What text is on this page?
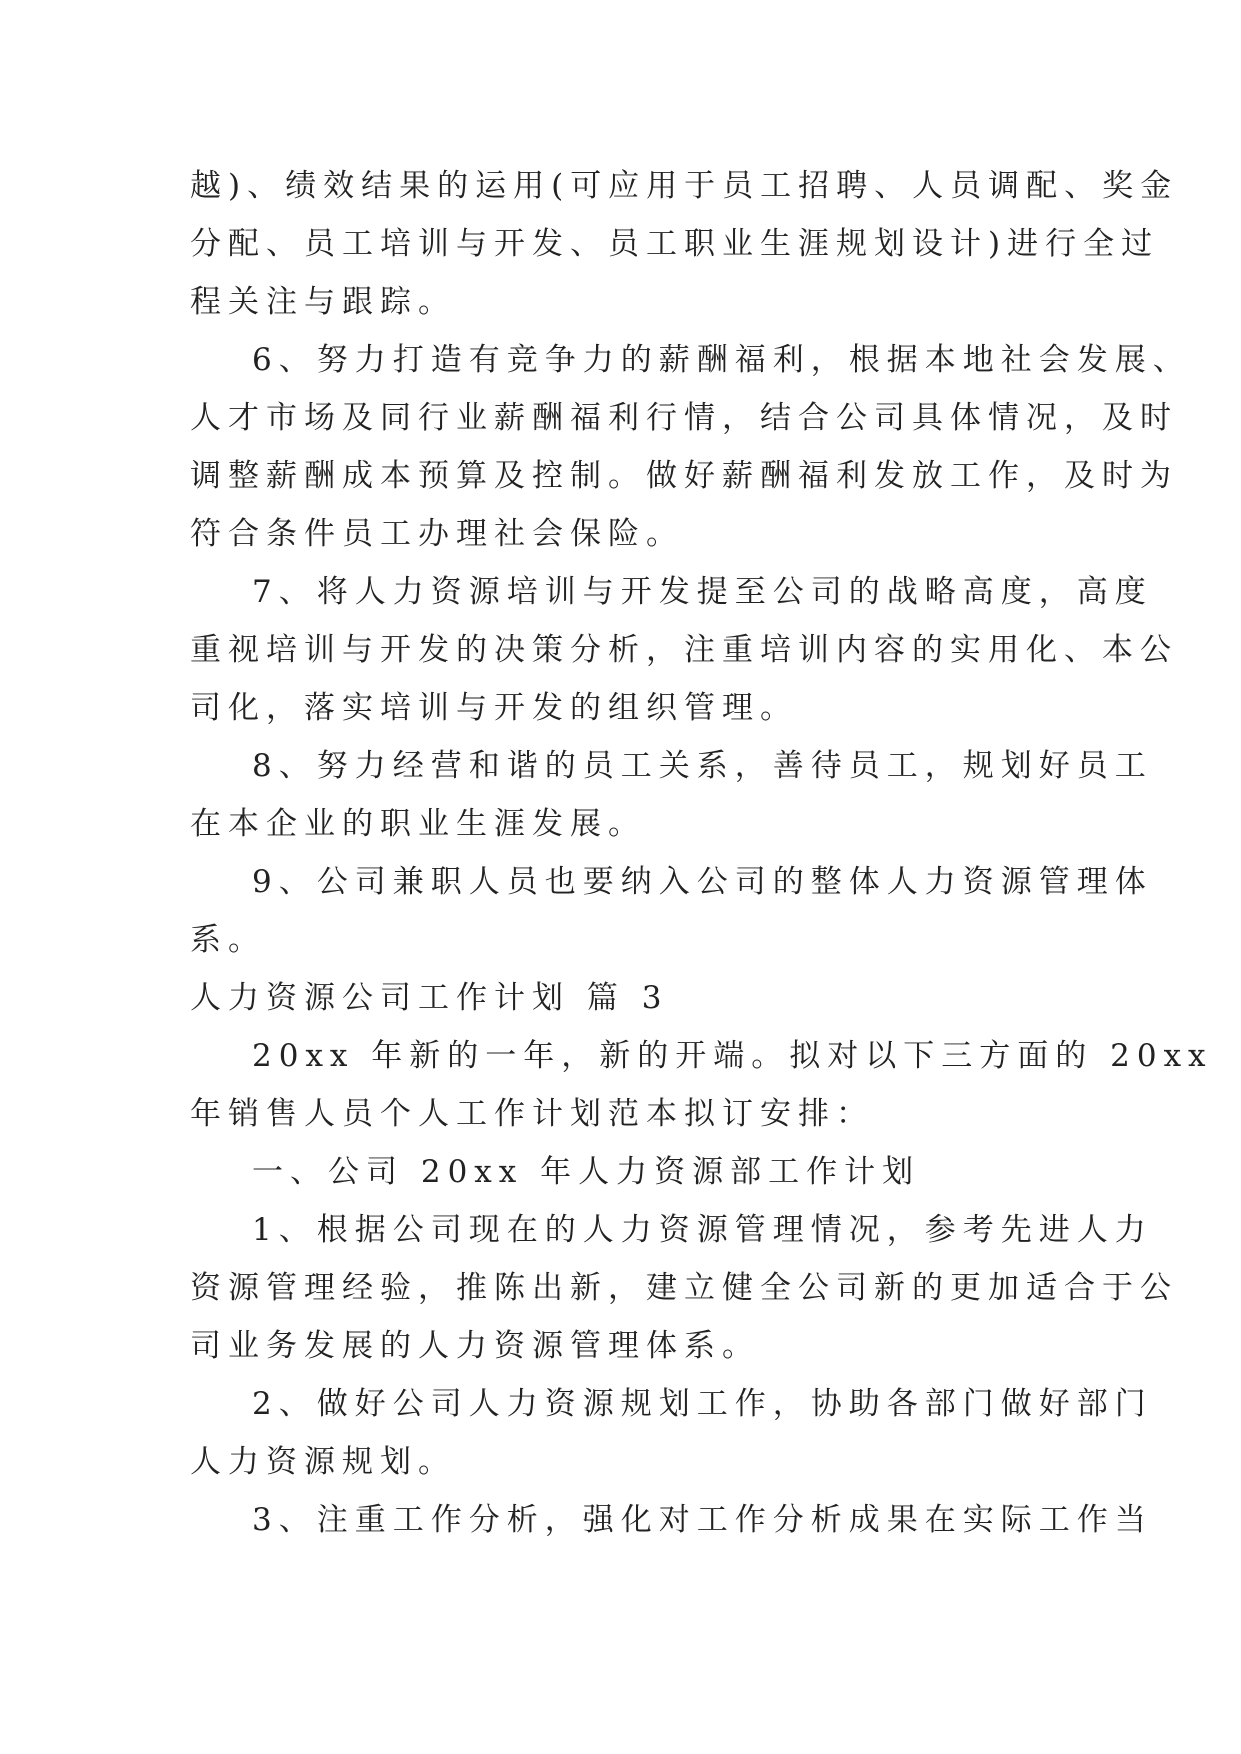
越)、绩效结果的运用(可应用于员工招聘、人员调配、奖金
分配、员工培训与开发、员工职业生涯规划设计)进行全过
程关注与跟踪。
6、努力打造有竞争力的薪酬福利，根据本地社会发展、
人才市场及同行业薪酬福利行情，结合公司具体情况，及时
调整薪酬成本预算及控制。做好薪酬福利发放工作，及时为
符合条件员工办理社会保险。
7、将人力资源培训与开发提至公司的战略高度，高度
重视培训与开发的决策分析，注重培训内容的实用化、本公
司化，落实培训与开发的组织管理。
8、努力经营和谐的员工关系，善待员工，规划好员工
在本企业的职业生涯发展。
9、公司兼职人员也要纳入公司的整体人力资源管理体
系。
人力资源公司工作计划 篇 3
20xx 年新的一年，新的开端。拟对以下三方面的 20xx
年销售人员个人工作计划范本拟订安排：
一、公司 20xx 年人力资源部工作计划
1、根据公司现在的人力资源管理情况，参考先进人力
资源管理经验，推陈出新，建立健全公司新的更加适合于公
司业务发展的人力资源管理体系。
2、做好公司人力资源规划工作，协助各部门做好部门
人力资源规划。
3、注重工作分析，强化对工作分析成果在实际工作当
